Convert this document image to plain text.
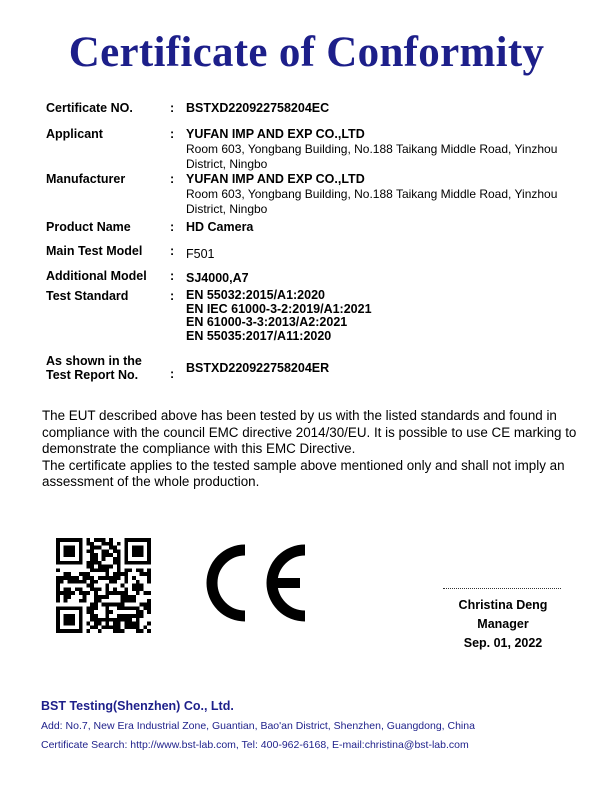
Certificate of Conformity
Certificate NO.	: BSTXD220922758204EC
Applicant	: YUFAN IMP AND EXP CO.,LTD
Room 603, Yongbang Building, No.188 Taikang Middle Road, Yinzhou District, Ningbo
Manufacturer	: YUFAN IMP AND EXP CO.,LTD
Room 603, Yongbang Building, No.188 Taikang Middle Road, Yinzhou District, Ningbo
Product Name	: HD Camera
Main Test Model : F501
Additional Model : SJ4000,A7
Test Standard	: EN 55032:2015/A1:2020
EN IEC 61000-3-2:2019/A1:2021
EN 61000-3-3:2013/A2:2021
EN 55035:2017/A11:2020
As shown in the
Test Report No.	: BSTXD220922758204ER

The EUT described above has been tested by us with the listed standards and found in compliance with the council EMC directive 2014/30/EU. It is possible to use CE marking to demonstrate the compliance with this EMC Directive.

The certificate applies to the tested sample above mentioned only and shall not imply an assessment of the whole production.

Christina Deng
Manager
Sep. 01, 2022
BST Testing(Shenzhen) Co., Ltd.
Add: No.7, New Era Industrial Zone, Guantian, Bao'an District, Shenzhen, Guangdong, China
Certificate Search: http://www.bst-lab.com, Tel: 400-962-6168, E-mail:christina@bst-lab.com
